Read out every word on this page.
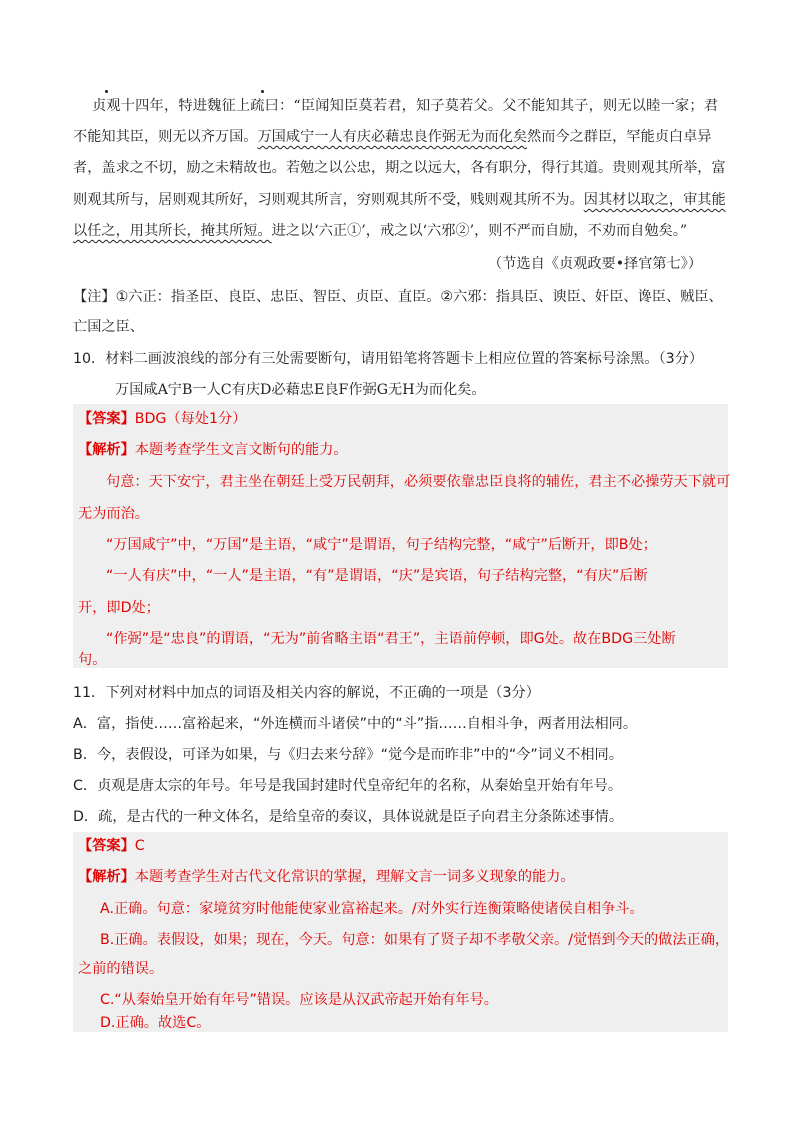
贞观十四年，特进魏征上疏曰：“臣闻知臣莫若君，知子莫若父。父不能知其子，则无以睦一家；君
不能知其臣，则无以齐万国。万国咸宁一人有庆必藉忠良作弼无为而化矣然而今之群臣，罕能贞白卓异
者，盖求之不切，励之未精故也。若勉之以公忠，期之以远大，各有职分，得行其道。贵则观其所举，富
则观其所与，居则观其所好，习则观其所言，穷则观其所不受，贱则观其所不为。因其材以取之，审其能
以任之，用其所长，掩其所短。进之以‘六正①’，戒之以‘六邪②’，则不严而自励，不劝而自勉矣。”
（节选自《贞观政要•择官第七》）
【注】①六正：指圣臣、良臣、忠臣、智臣、贞臣、直臣。②六邪：指具臣、谀臣、奸臣、谗臣、贼臣、
亡国之臣、
10．材料二画波浪线的部分有三处需要断句，请用铅笔将答题卡上相应位置的答案标号涂黑。（3分）
万国咸A宁B一人C有庆D必藉忠E良F作弼G无H为而化矣。
【答案】BDG（每处1分）
【解析】本题考查学生文言文断句的能力。
句意：天下安宁，君主坐在朝廷上受万民朝拜，必须要依靠忠臣良将的辅佐，君主不必操劳天下就可
无为而治。
“万国咸宁”中，“万国”是主语，“咸宁”是谓语，句子结构完整，“咸宁”后断开，即B处；
“一人有庆”中，“一人”是主语，“有”是谓语，“庆”是宾语，句子结构完整，“有庆”后断
开，即D处；
“作弼”是“忠良”的谓语，“无为”前省略主语“君王”，主语前停顿，即G处。故在BDG三处断
句。
11．下列对材料中加点的词语及相关内容的解说，不正确的一项是（3分）
A．富，指使……富裕起来，“外连横而斗诸侯”中的“斗”指……自相斗争，两者用法相同。
B．今，表假设，可译为如果，与《归去来兮辞》“觉今是而昨非”中的“今”词义不相同。
C．贞观是唐太宗的年号。年号是我国封建时代皇帝纪年的名称，从秦始皇开始有年号。
D．疏，是古代的一种文体名，是给皇帝的奏议，具体说就是臣子向君主分条陈述事情。
【答案】C
【解析】本题考查学生对古代文化常识的掌握，理解文言一词多义现象的能力。
A.正确。句意：家境贫穷时他能使家业富裕起来。/对外实行连衡策略使诸侯自相争斗。
B.正确。表假设，如果；现在，今天。句意：如果有了贤子却不孝敬父亲。/觉悟到今天的做法正确，
之前的错误。
C.“从秦始皇开始有年号”错误。应该是从汉武帝起开始有年号。
D.正确。故选C。
